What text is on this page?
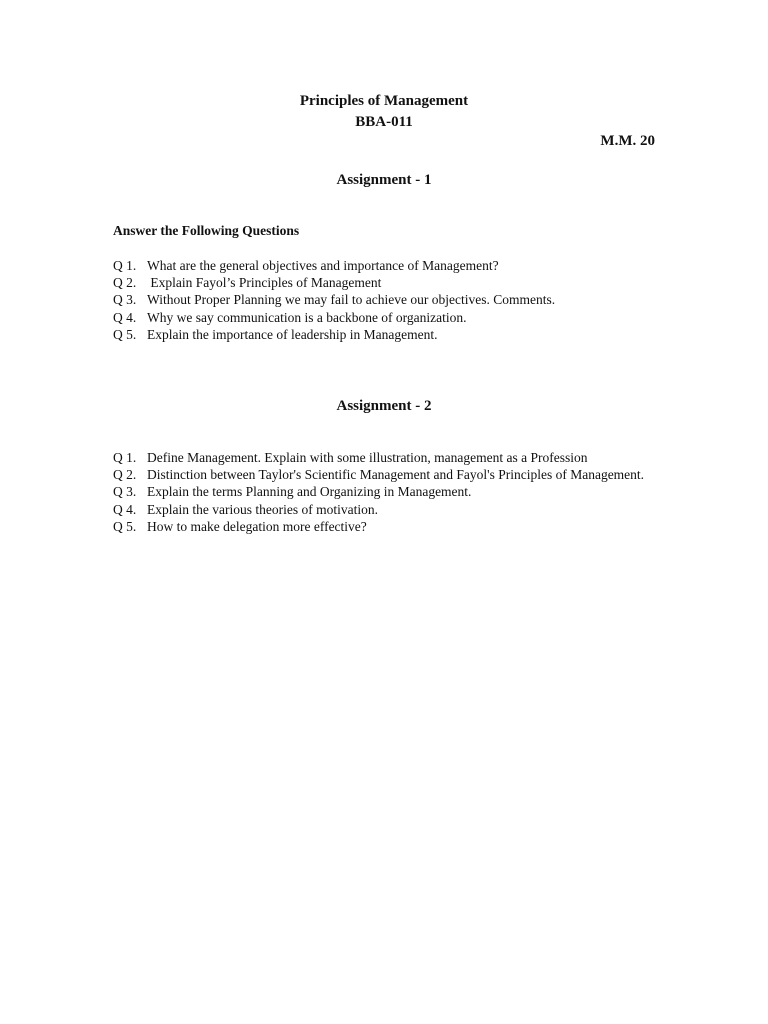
Principles of Management

BBA-011

M.M. 20

Assignment - 1

Answer the Following Questions

Q 1. What are the general objectives and importance of Management?
Q 2. Explain Fayol’s Principles of Management
Q 3. Without Proper Planning we may fail to achieve our objectives. Comments.
Q 4. Why we say communication is a backbone of organization.
Q 5. Explain the importance of leadership in Management.

Assignment - 2

Q 1. Define Management. Explain with some illustration, management as a Profession
Q 2. Distinction between Taylor's Scientific Management and Fayol's Principles of Management.
Q 3. Explain the terms Planning and Organizing in Management.
Q 4. Explain the various theories of motivation.
Q 5. How to make delegation more effective?
